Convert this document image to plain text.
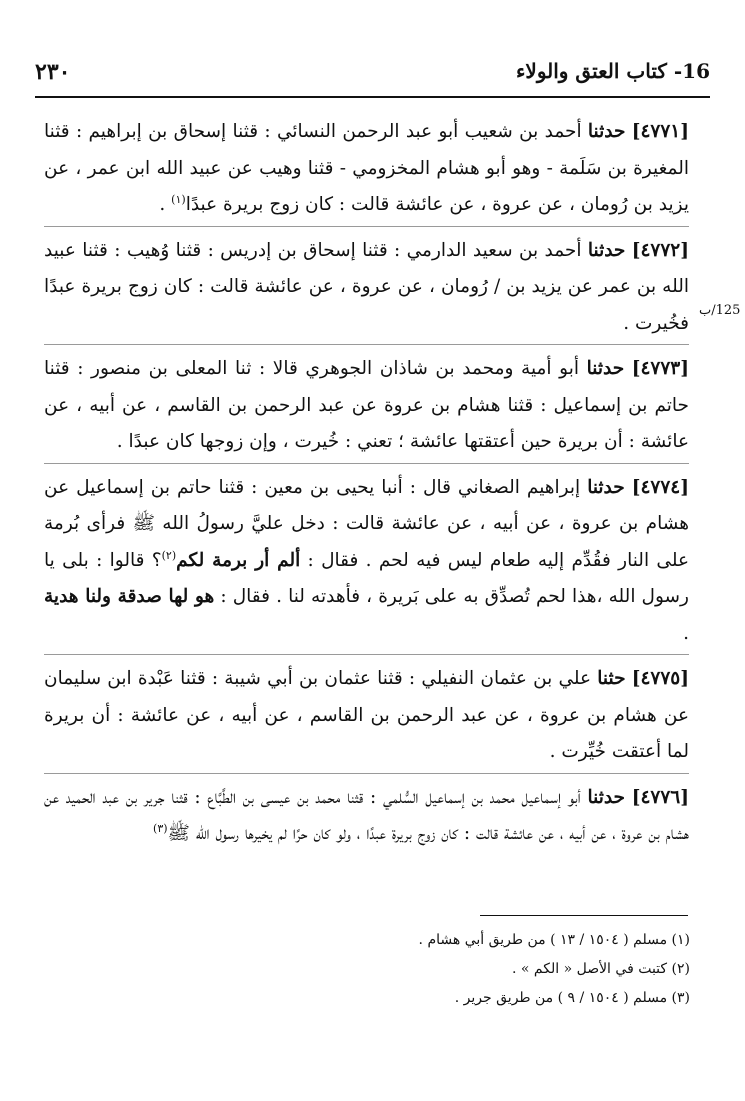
16- كتاب العتق والولاء
٢٣٠
125/ب

[٤٧٧١] حدثنا أحمد بن شعيب أبو عبد الرحمن النسائي : قثنا إسحاق بن إبراهيم : قثنا المغيرة بن سَلَمة - وهو أبو هشام المخزومي - قثنا وهيب عن عبيد الله ابن عمر ، عن يزيد بن رُومان ، عن عروة ، عن عائشة قالت : كان زوج بريرة عبدًا$^{(١)}$ .

[٤٧٧٢] حدثنا أحمد بن سعيد الدارمي : قثنا إسحاق بن إدريس : قثنا وُهيب : قثنا عبيد الله بن عمر عن يزيد بن / رُومان ، عن عروة ، عن عائشة قالت : كان زوج بريرة عبدًا فخُيرت .

[٤٧٧٣] حدثنا أبو أمية ومحمد بن شاذان الجوهري قالا : ثنا المعلى بن منصور : قثنا حاتم بن إسماعيل : قثنا هشام بن عروة عن عبد الرحمن بن القاسم ، عن أبيه ، عن عائشة : أن بريرة حين أعتقتها عائشة ؛ تعني : خُيرت ، وإن زوجها كان عبدًا .

[٤٧٧٤] حدثنا إبراهيم الصغاني قال : أنبا يحيى بن معين : قثنا حاتم بن إسماعيل عن هشام بن عروة ، عن أبيه ، عن عائشة قالت : دخل عليَّ رسولُ الله ﷺ فرأى بُرمة على النار فقُدِّم إليه طعام ليس فيه لحم . فقال : ألم أر برمة لكم$^{(٢)}$؟ قالوا : بلى يا رسول الله ،هذا لحم تُصدِّق به على بَريرة ، فأهدته لنا . فقال : هو لها صدقة ولنا هدية .

[٤٧٧٥] حثنا علي بن عثمان النفيلي : قثنا عثمان بن أبي شيبة : قثنا عَبْدة ابن سليمان عن هشام بن عروة ، عن عبد الرحمن بن القاسم ، عن أبيه ، عن عائشة : أن بريرة لما أعتقت خُيِّرت .

[٤٧٧٦] حدثنا أبو إسماعيل محمد بن إسماعيل السُّلمي : قثنا محمد بن عيسى بن الطَّبَّاع : قثنا جرير بن عبد الحميد عن هشام بن عروة ، عن أبيه ، عن عائشة قالت : كان زوج بريرة عبدًا ، ولو كان حرًا لم يخيرها رسول الله ﷺ$^{(٣)}$

(١) مسلم ( ١٥٠٤ / ١٣ ) من طريق أبي هشام .

(٢) كتبت في الأصل « الكم » .

(٣) مسلم ( ١٥٠٤ / ٩ ) من طريق جرير .
